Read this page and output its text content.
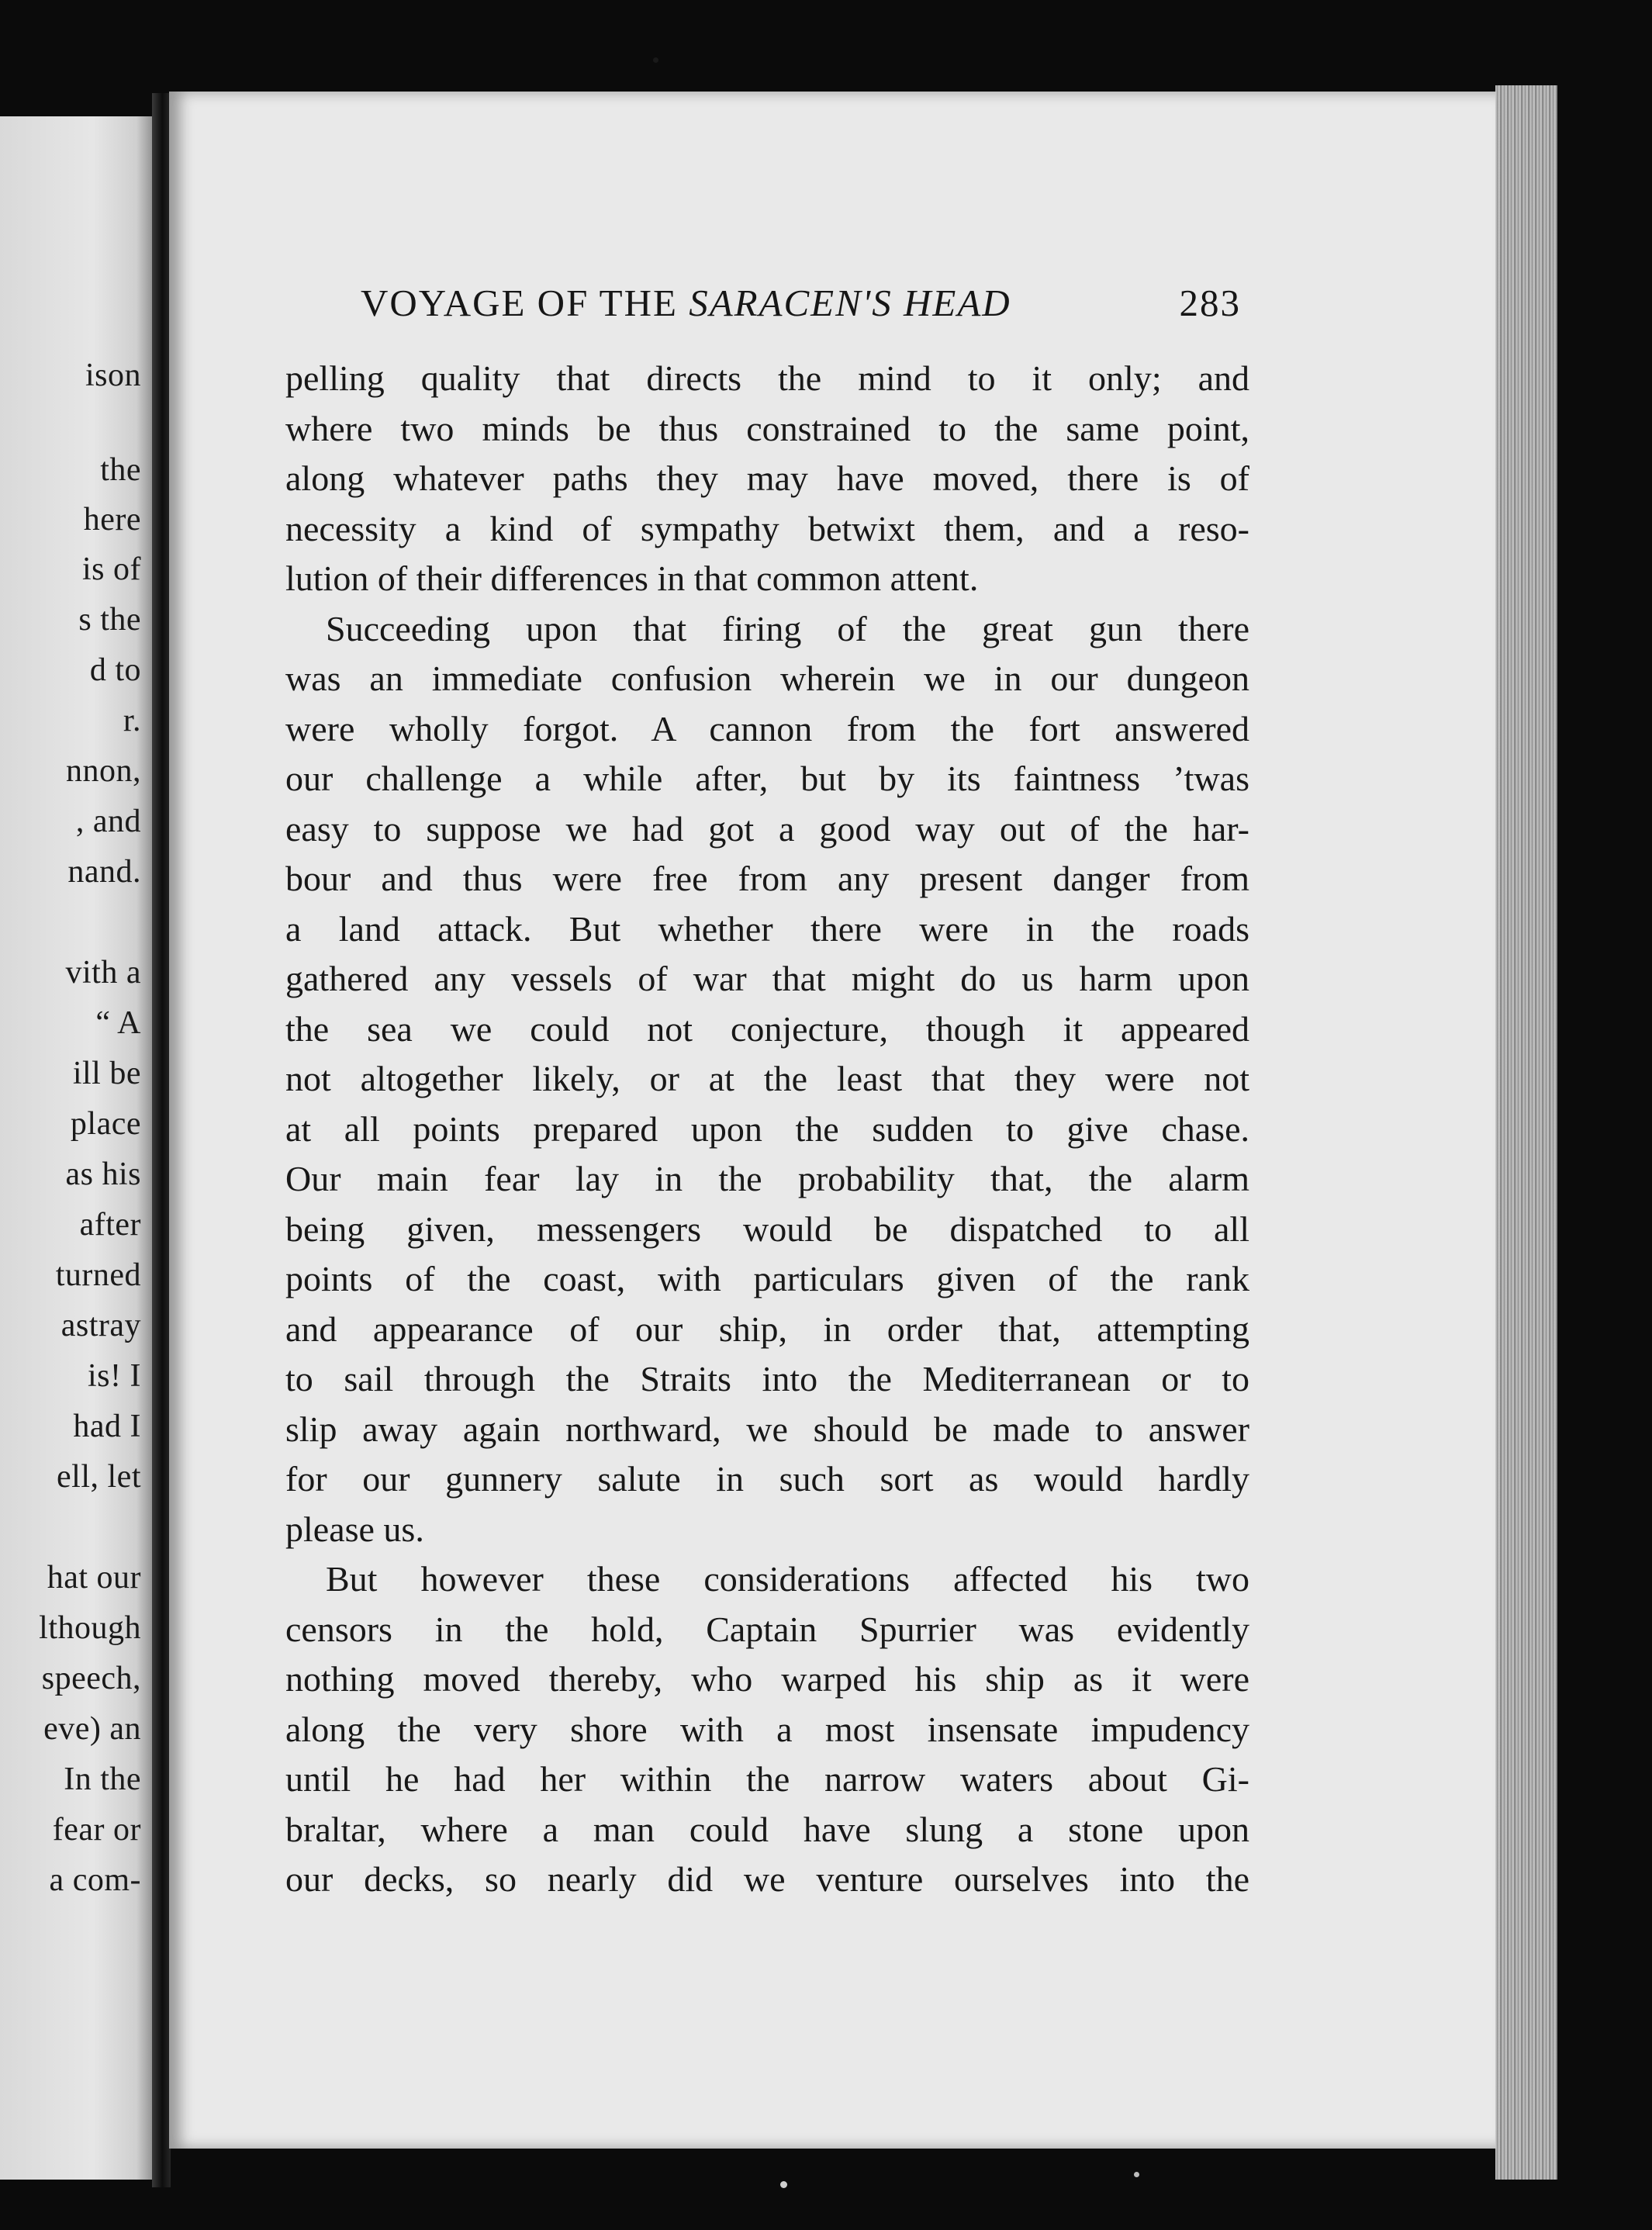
ison
the
here
is of
s the
d to
r.
nnon,
, and
nand.
vith a
“ A
ill be
place
as his
after
turned
astray
is! I
had I
ell, let
hat our
lthough
speech,
eve) an
In the
fear or
a com-
VOYAGE OF THE SARACEN'S HEAD	283
pelling quality that directs the mind to it only; and
where two minds be thus constrained to the same point,
along whatever paths they may have moved, there is of
necessity a kind of sympathy betwixt them, and a reso-
lution of their differences in that common attent.
Succeeding upon that firing of the great gun there
was an immediate confusion wherein we in our dungeon
were wholly forgot. A cannon from the fort answered
our challenge a while after, but by its faintness ’twas
easy to suppose we had got a good way out of the har-
bour and thus were free from any present danger from
a land attack. But whether there were in the roads
gathered any vessels of war that might do us harm upon
the sea we could not conjecture, though it appeared
not altogether likely, or at the least that they were not
at all points prepared upon the sudden to give chase.
Our main fear lay in the probability that, the alarm
being given, messengers would be dispatched to all
points of the coast, with particulars given of the rank
and appearance of our ship, in order that, attempting
to sail through the Straits into the Mediterranean or to
slip away again northward, we should be made to answer
for our gunnery salute in such sort as would hardly
please us.
But however these considerations affected his two
censors in the hold, Captain Spurrier was evidently
nothing moved thereby, who warped his ship as it were
along the very shore with a most insensate impudency
until he had her within the narrow waters about Gi-
braltar, where a man could have slung a stone upon
our decks, so nearly did we venture ourselves into the
